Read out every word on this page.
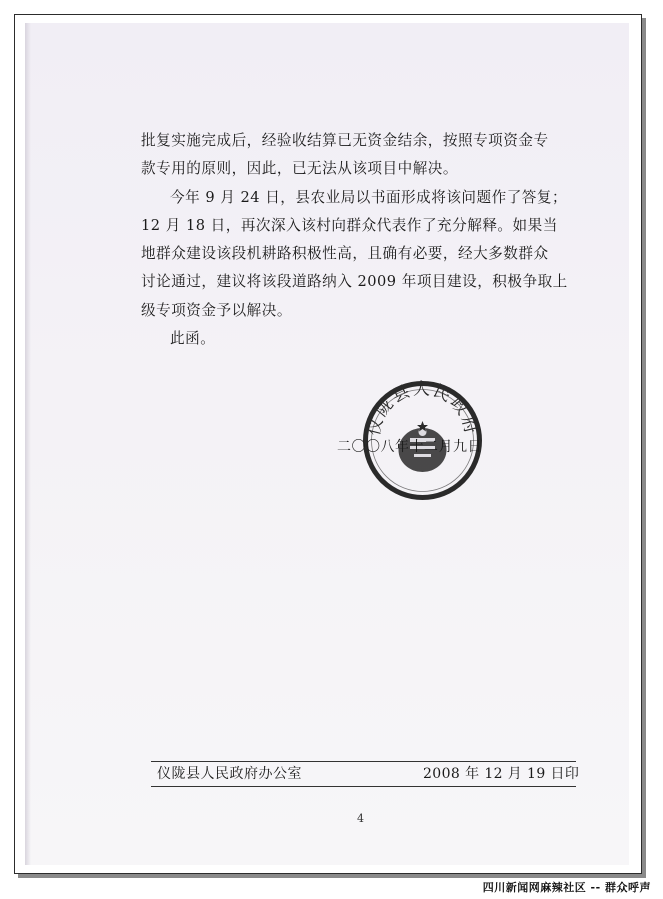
批复实施完成后，经验收结算已无资金结余，按照专项资金专
款专用的原则，因此，已无法从该项目中解决。
今年 9 月 24 日，县农业局以书面形成将该问题作了答复；
12 月 18 日，再次深入该村向群众代表作了充分解释。如果当
地群众建设该段机耕路积极性高，且确有必要，经大多数群众
讨论通过，建议将该段道路纳入 2009 年项目建设，积极争取上
级专项资金予以解决。
此函。
仪陇县人民政府
二〇〇八年十二月九日
仪陇县人民政府办公室	2008 年 12 月 19 日印
4
四川新闻网麻辣社区 -- 群众呼声
